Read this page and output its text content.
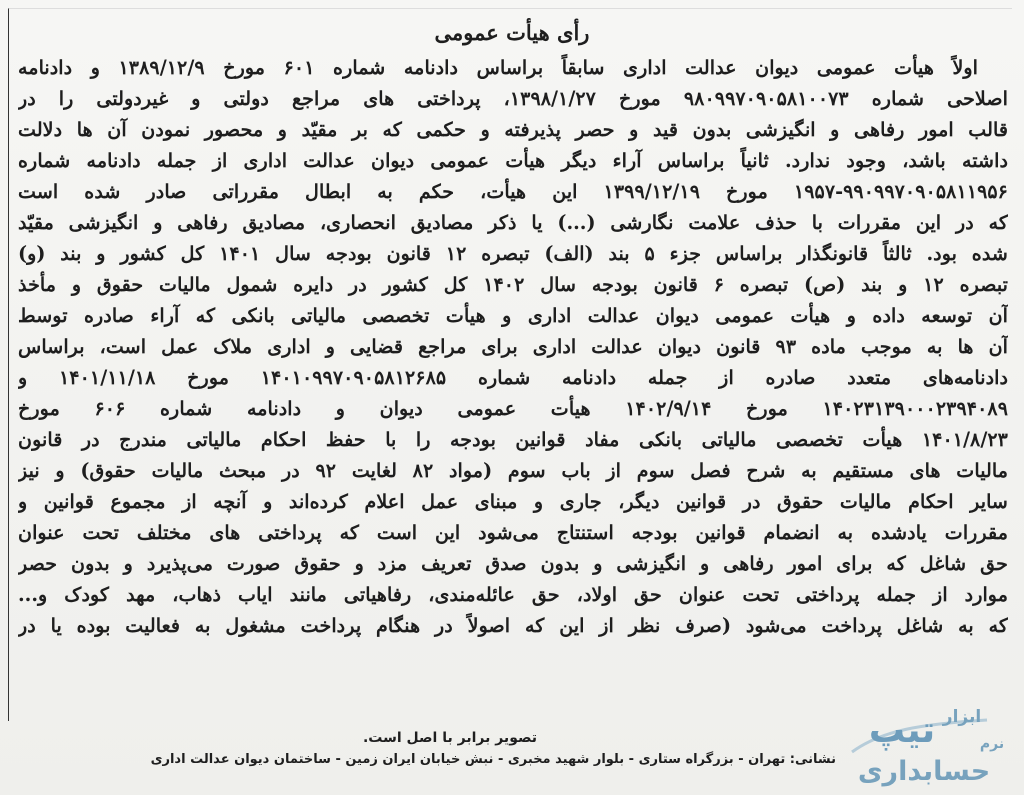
رأی هیأت عمومی
اولاً هیأت عمومی دیوان عدالت اداری سابقاً براساس دادنامه شماره ۶۰۱ مورخ ۱۳۸۹/۱۲/۹ و دادنامه
اصلاحی شماره ۹۸۰۹۹۷۰۹۰۵۸۱۰۰۷۳ مورخ ۱۳۹۸/۱/۲۷، پرداختی های مراجع دولتی و غیردولتی را در
قالب امور رفاهی و انگیزشی بدون قید و حصر پذیرفته و حکمی که بر مقیّد و محصور نمودن آن ها دلالت
داشته باشد، وجود ندارد. ثانیاً براساس آراء دیگر هیأت عمومی دیوان عدالت اداری از جمله دادنامه شماره
۱۹۵۷-۹۹۰۹۹۷۰۹۰۵۸۱۱۹۵۶ مورخ ۱۳۹۹/۱۲/۱۹ این هیأت، حکم به ابطال مقرراتی صادر شده است
که در این مقررات با حذف علامت نگارشی (...) یا ذکر مصادیق انحصاری، مصادیق رفاهی و انگیزشی مقیّد
شده بود. ثالثاً قانونگذار براساس جزء ۵ بند (الف) تبصره ۱۲ قانون بودجه سال ۱۴۰۱ کل کشور و بند (و)
تبصره ۱۲ و بند (ص) تبصره ۶ قانون بودجه سال ۱۴۰۲ کل کشور در دایره شمول مالیات حقوق و مأخذ
آن توسعه داده و هیأت عمومی دیوان عدالت اداری و هیأت تخصصی مالیاتی بانکی که آراء صادره توسط
آن ها به موجب ماده ۹۳ قانون دیوان عدالت اداری برای مراجع قضایی و اداری ملاک عمل است، براساس
دادنامه‌های متعدد صادره از جمله دادنامه شماره ۱۴۰۱۰۹۹۷۰۹۰۵۸۱۲۶۸۵ مورخ ۱۴۰۱/۱۱/۱۸ و
۱۴۰۲۳۱۳۹۰۰۰۲۳۹۴۰۸۹ مورخ ۱۴۰۲/۹/۱۴ هیأت عمومی دیوان و دادنامه شماره ۶۰۶ مورخ
۱۴۰۱/۸/۲۳ هیأت تخصصی مالیاتی بانکی مفاد قوانین بودجه را با حفظ احکام مالیاتی مندرج در قانون
مالیات های مستقیم به شرح فصل سوم از باب سوم (مواد ۸۲ لغایت ۹۲ در مبحث مالیات حقوق) و نیز
سایر احکام مالیات حقوق در قوانین دیگر، جاری و مبنای عمل اعلام کرده‌اند و آنچه از مجموع قوانین و
مقررات یادشده به انضمام قوانین بودجه استنتاج می‌شود این است که پرداختی های مختلف تحت عنوان
حق شاغل که برای امور رفاهی و انگیزشی و بدون صدق تعریف مزد و حقوق صورت می‌پذیرد و بدون حصر
موارد از جمله پرداختی تحت عنوان حق اولاد، حق عائله‌مندی، رفاهیاتی مانند ایاب ذهاب، مهد کودک و...
که به شاغل پرداخت می‌شود (صرف نظر از این که اصولاً در هنگام پرداخت مشغول به فعالیت بوده یا در
تصویر برابر با اصل است.
نشانی: تهران - بزرگراه ستاری - بلوار شهید مخبری - نبش خیابان ایران زمین - ساختمان دیوان عدالت اداری
ابزار
تیپ	نرم
حسابداری
